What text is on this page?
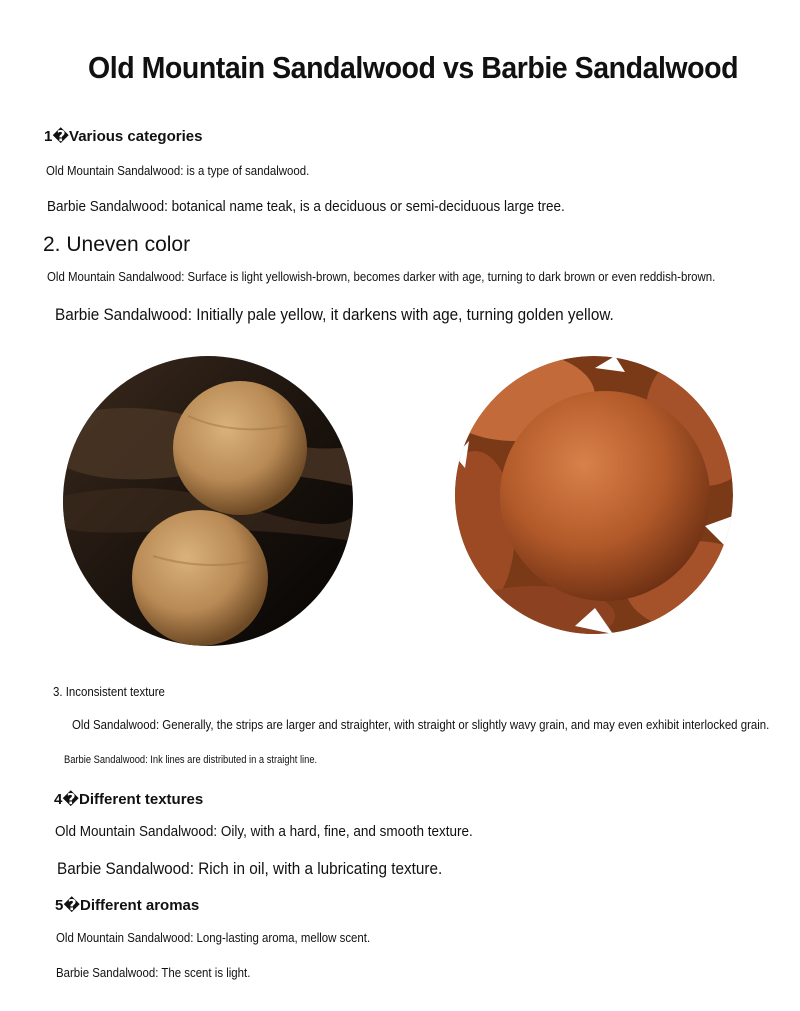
Old Mountain Sandalwood vs Barbie Sandalwood
1�Various categories
Old Mountain Sandalwood: is a type of sandalwood.
Barbie Sandalwood: botanical name teak, is a deciduous or semi-deciduous large tree.
2. Uneven color
Old Mountain Sandalwood: Surface is light yellowish-brown, becomes darker with age, turning to dark brown or even reddish-brown.
Barbie Sandalwood: Initially pale yellow, it darkens with age, turning golden yellow.
3. Inconsistent texture
Old Sandalwood: Generally, the strips are larger and straighter, with straight or slightly wavy grain, and may even exhibit interlocked grain.
Barbie Sandalwood: Ink lines are distributed in a straight line.
4�Different textures
Old Mountain Sandalwood: Oily, with a hard, fine, and smooth texture.
Barbie Sandalwood: Rich in oil, with a lubricating texture.
5�Different aromas
Old Mountain Sandalwood: Long-lasting aroma, mellow scent.
Barbie Sandalwood: The scent is light.
